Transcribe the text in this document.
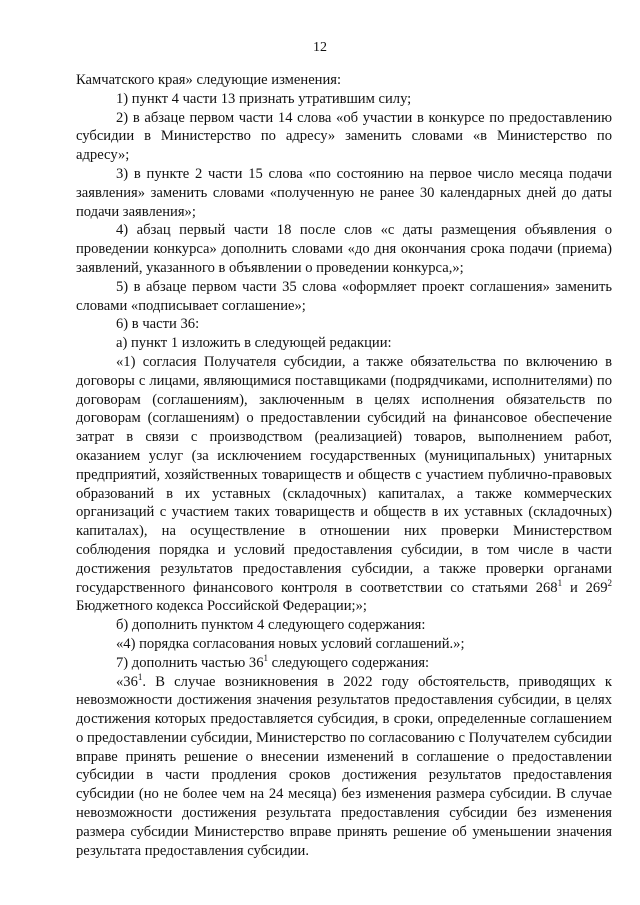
12

Камчатского края» следующие изменения:

1) пункт 4 части 13 признать утратившим силу;

2) в абзаце первом части 14 слова «об участии в конкурсе по предоставлению субсидии в Министерство по адресу» заменить словами «в Министерство по адресу»;

3) в пункте 2 части 15 слова «по состоянию на первое число месяца подачи заявления» заменить словами «полученную не ранее 30 календарных дней до даты подачи заявления»;

4) абзац первый части 18 после слов «с даты размещения объявления о проведении конкурса» дополнить словами «до дня окончания срока подачи (приема) заявлений, указанного в объявлении о проведении конкурса,»;

5) в абзаце первом части 35 слова «оформляет проект соглашения» заменить словами «подписывает соглашение»;

6) в части 36:

а) пункт 1 изложить в следующей редакции:

«1) согласия Получателя субсидии, а также обязательства по включению в договоры с лицами, являющимися поставщиками (подрядчиками, исполнителями) по договорам (соглашениям), заключенным в целях исполнения обязательств по договорам (соглашениям) о предоставлении субсидий на финансовое обеспечение затрат в связи с производством (реализацией) товаров, выполнением работ, оказанием услуг (за исключением государственных (муниципальных) унитарных предприятий, хозяйственных товариществ и обществ с участием публично-правовых образований в их уставных (складочных) капиталах, а также коммерческих организаций с участием таких товариществ и обществ в их уставных (складочных) капиталах), на осуществление в отношении них проверки Министерством соблюдения порядка и условий предоставления субсидии, в том числе в части достижения результатов предоставления субсидии, а также проверки органами государственного финансового контроля в соответствии со статьями $268^1$ и $269^2$ Бюджетного кодекса Российской Федерации;»;

б) дополнить пунктом 4 следующего содержания:

«4) порядка согласования новых условий соглашений.»;

7) дополнить частью $36^1$ следующего содержания:

«$36^1$. В случае возникновения в 2022 году обстоятельств, приводящих к невозможности достижения значения результатов предоставления субсидии, в целях достижения которых предоставляется субсидия, в сроки, определенные соглашением о предоставлении субсидии, Министерство по согласованию с Получателем субсидии вправе принять решение о внесении изменений в соглашение о предоставлении субсидии в части продления сроков достижения результатов предоставления субсидии (но не более чем на 24 месяца) без изменения размера субсидии. В случае невозможности достижения результата предоставления субсидии без изменения размера субсидии Министерство вправе принять решение об уменьшении значения результата предоставления субсидии.
